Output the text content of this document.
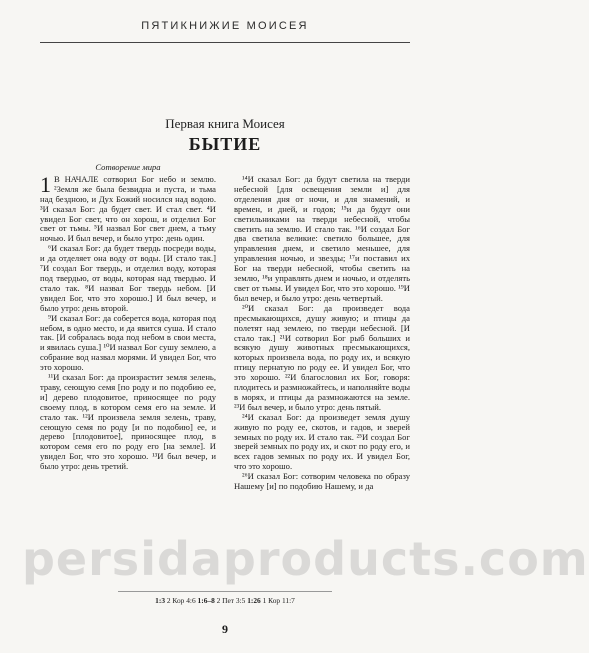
ПЯТИКНИЖИЕ МОИСЕЯ
Первая книга Моисея
БЫТИЕ
Сотворение мира
1 В НАЧАЛЕ сотворил Бог небо и землю. ²Земля же была безвидна и пуста, и тьма над бездною, и Дух Божий носился над водою. ³И сказал Бог: да будет свет. И стал свет. ⁴И увидел Бог свет, что он хорош, и отделил Бог свет от тьмы. ⁵И назвал Бог свет днем, а тьму ночью. И был вечер, и было утро: день один.

⁶И сказал Бог: да будет твердь посреди воды, и да отделяет она воду от воды. [И стало так.] ⁷И создал Бог твердь, и отделил воду, которая под твердью, от воды, которая над твердью. И стало так. ⁸И назвал Бог твердь небом. [И увидел Бог, что это хорошо.] И был вечер, и было утро: день второй.

⁹И сказал Бог: да соберется вода, которая под небом, в одно место, и да явится суша. И стало так. [И собралась вода под небом в свои места, и явилась суша.] ¹⁰И назвал Бог сушу землею, а собрание вод назвал морями. И увидел Бог, что это хорошо.

¹¹И сказал Бог: да произрастит земля зелень, траву, сеющую семя [по роду и по подобию ее, и] дерево плодовитое, приносящее по роду своему плод, в котором семя его на земле. И стало так. ¹²И произвела земля зелень, траву, сеющую семя по роду [и по подобию] ее, и дерево [плодовитое], приносящее плод, в котором семя его по роду его [на земле]. И увидел Бог, что это хорошо. ¹³И был вечер, и было утро: день третий.

¹⁴И сказал Бог: да будут светила на тверди небесной [для освещения земли и] для отделения дня от ночи, и для знамений, и времен, и дней, и годов; ¹⁵и да будут они светильниками на тверди небесной, чтобы светить на землю. И стало так. ¹⁶И создал Бог два светила великие: светило большее, для управления днем, и светило меньшее, для управления ночью, и звезды; ¹⁷и поставил их Бог на тверди небесной, чтобы светить на землю, ¹⁸и управлять днем и ночью, и отделять свет от тьмы. И увидел Бог, что это хорошо. ¹⁹И был вечер, и было утро: день четвертый.

²⁰И сказал Бог: да произведет вода пресмыкающихся, душу живую; и птицы да полетят над землею, по тверди небесной. [И стало так.] ²¹И сотворил Бог рыб больших и всякую душу животных пресмыкающихся, которых произвела вода, по роду их, и всякую птицу пернатую по роду ее. И увидел Бог, что это хорошо. ²²И благословил их Бог, говоря: плодитесь и размножайтесь, и наполняйте воды в морях, и птицы да размножаются на земле. ²³И был вечер, и было утро: день пятый.

²⁴И сказал Бог: да произведет земля душу живую по роду ее, скотов, и гадов, и зверей земных по роду их. И стало так. ²⁵И создал Бог зверей земных по роду их, и скот по роду его, и всех гадов земных по роду их. И увидел Бог, что это хорошо.

²⁶И сказал Бог: сотворим человека по образу Нашему [и] по подобию Нашему, и да

1:3 2 Кор 4:6 1:6–8 2 Пет 3:5 1:26 1 Кор 11:7
9
persidaproducts.com
